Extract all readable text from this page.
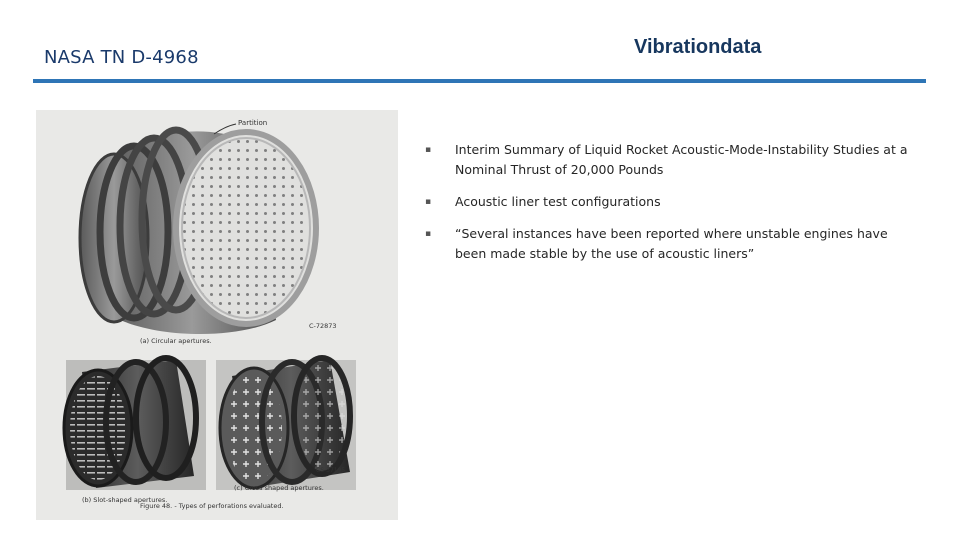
NASA TN D-4968	Vibrationdata
Partition
C-72873
(a) Circular apertures.
(b) Slot-shaped apertures.
CS-37195
(c) Cross shaped apertures.
Figure 48. - Types of perforations evaluated.
▪	Interim Summary of Liquid Rocket Acoustic-Mode-Instability Studies at a Nominal Thrust of 20,000 Pounds
▪	Acoustic liner test configurations
▪	“Several instances have been reported where unstable engines have been made stable by the use of acoustic liners”
